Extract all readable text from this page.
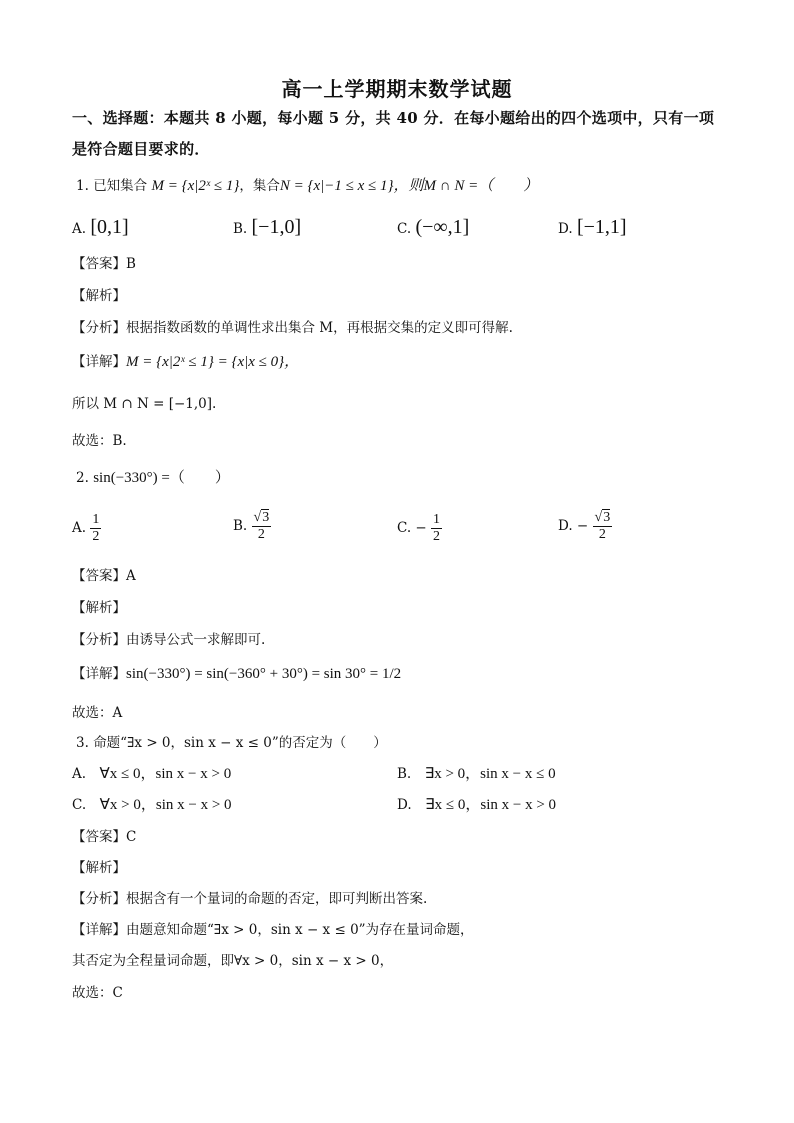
高一上学期期末数学试题
一、选择题：本题共 8 小题，每小题 5 分，共 40 分．在每小题给出的四个选项中，只有一项
是符合题目要求的．
1. 已知集合 M = {x|2ˣ ≤ 1}，集合N = {x|−1 ≤ x ≤ 1}，则M ∩ N =（　　）
A. [0,1]	B. [−1,0]	C. (−∞,1]	D. [−1,1]
【答案】B
【解析】
【分析】根据指数函数的单调性求出集合 M，再根据交集的定义即可得解.
【详解】M = {x|2ˣ ≤ 1} = {x|x ≤ 0}，
所以 M ∩ N = [−1,0].
故选：B.
2. sin(−330°) =（　　）
A. $\frac{1}{2}$	B. $\frac{√3}{2}$	C. − $\frac{1}{2}$	D. − $\frac{√3}{2}$
【答案】A
【解析】
【分析】由诱导公式一求解即可.
【详解】sin(−330°) = sin(−360° + 30°) = sin 30° = 1/2
故选：A
3. 命题“∃x > 0，sin x − x ≤ 0”的否定为（　　）
A.　 ∀x ≤ 0，sin x − x > 0	B.　 ∃x > 0，sin x − x ≤ 0
C.　 ∀x > 0，sin x − x > 0	D.　 ∃x ≤ 0，sin x − x > 0
【答案】C
【解析】
【分析】根据含有一个量词的命题的否定，即可判断出答案.
【详解】由题意知命题“∃x > 0，sin x − x ≤ 0”为存在量词命题，
其否定为全程量词命题，即∀x > 0，sin x − x > 0，
故选：C
